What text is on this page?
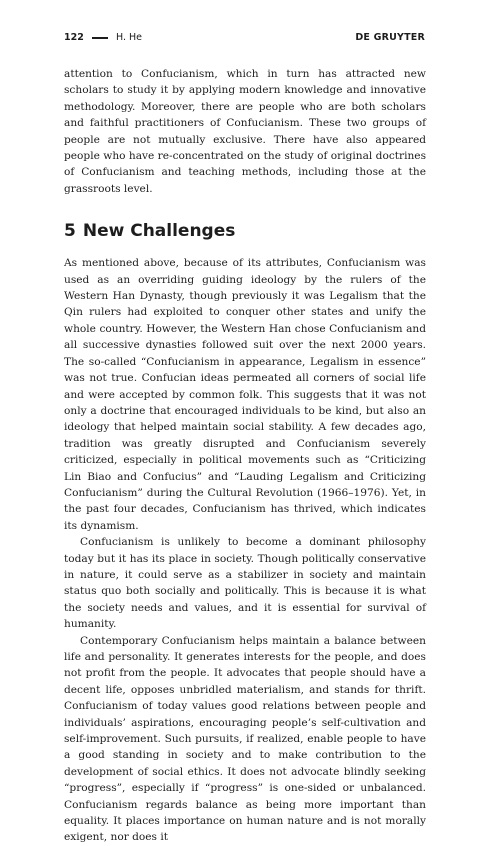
122	H. He	DE GRUYTER

attention to Confucianism, which in turn has attracted new scholars to study it by applying modern knowledge and innovative methodology. Moreover, there are people who are both scholars and faithful practitioners of Confucianism. These two groups of people are not mutually exclusive. There have also appeared people who have re-concentrated on the study of original doctrines of Confucianism and teaching methods, including those at the grassroots level.

5 New Challenges

As mentioned above, because of its attributes, Confucianism was used as an overriding guiding ideology by the rulers of the Western Han Dynasty, though previously it was Legalism that the Qin rulers had exploited to conquer other states and unify the whole country. However, the Western Han chose Confucianism and all successive dynasties followed suit over the next 2000 years. The so-called “Confucianism in appearance, Legalism in essence” was not true. Confucian ideas permeated all corners of social life and were accepted by common folk. This suggests that it was not only a doctrine that encouraged individuals to be kind, but also an ideology that helped maintain social stability. A few decades ago, tradition was greatly disrupted and Confucianism severely criticized, especially in political movements such as “Criticizing Lin Biao and Confucius” and “Lauding Legalism and Criticizing Confucianism” during the Cultural Revolution (1966–1976). Yet, in the past four decades, Confucianism has thrived, which indicates its dynamism.

Confucianism is unlikely to become a dominant philosophy today but it has its place in society. Though politically conservative in nature, it could serve as a stabilizer in society and maintain status quo both socially and politically. This is because it is what the society needs and values, and it is essential for survival of humanity.

Contemporary Confucianism helps maintain a balance between life and personality. It generates interests for the people, and does not profit from the people. It advocates that people should have a decent life, opposes unbridled materialism, and stands for thrift. Confucianism of today values good relations between people and individuals’ aspirations, encouraging people’s self-cultivation and self-improvement. Such pursuits, if realized, enable people to have a good standing in society and to make contribution to the development of social ethics. It does not advocate blindly seeking “progress”, especially if “progress” is one-sided or unbalanced. Confucianism regards balance as being more important than equality. It places importance on human nature and is not morally exigent, nor does it
